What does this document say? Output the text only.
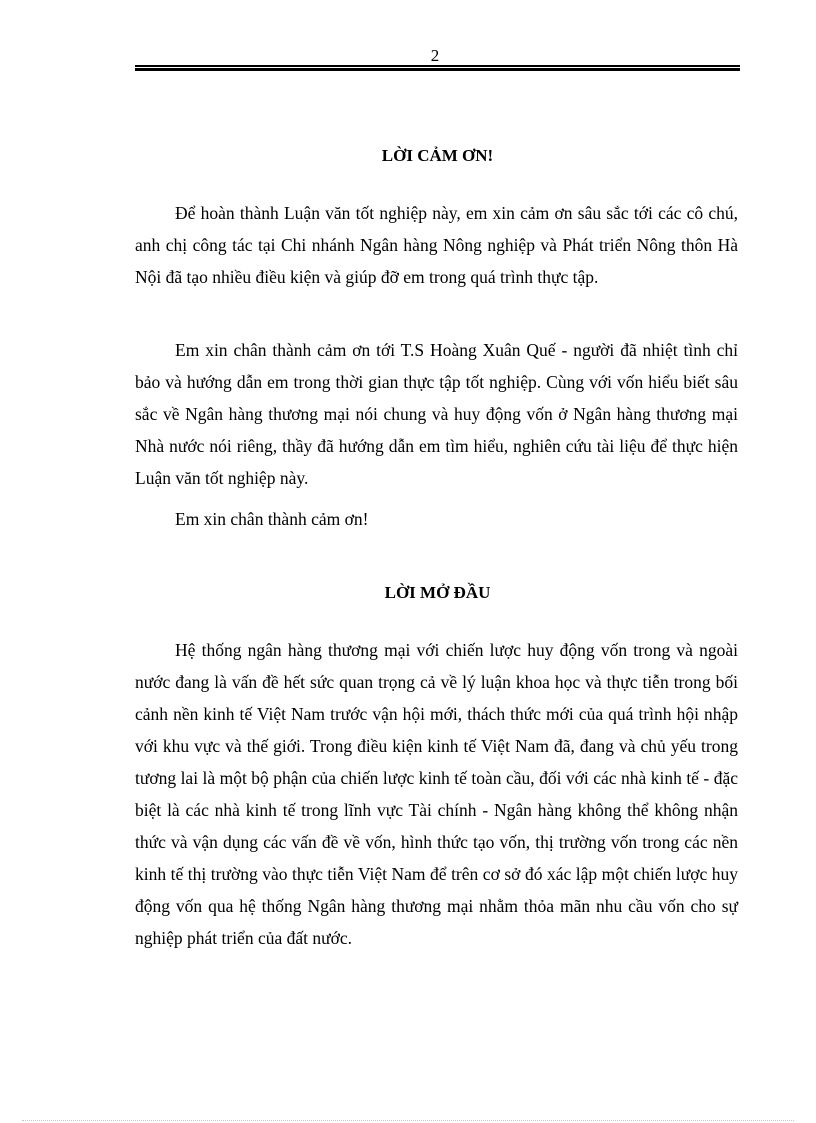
2
LỜI CẢM ƠN!

Để hoàn thành Luận văn tốt nghiệp này, em xin cảm ơn sâu sắc tới các cô chú, anh chị công tác tại Chi nhánh Ngân hàng Nông nghiệp và Phát triển Nông thôn Hà Nội đã tạo nhiều điều kiện và giúp đỡ em trong quá trình thực tập.

Em xin chân thành cảm ơn tới T.S Hoàng Xuân Quế - người đã nhiệt tình chỉ bảo và hướng dẫn em trong thời gian thực tập tốt nghiệp. Cùng với vốn hiểu biết sâu sắc về Ngân hàng thương mại nói chung và huy động vốn ở Ngân hàng thương mại Nhà nước nói riêng, thầy đã hướng dẫn em tìm hiểu, nghiên cứu tài liệu để thực hiện Luận văn tốt nghiệp này.

Em xin chân thành cảm ơn!

LỜI MỞ ĐẦU

Hệ thống ngân hàng thương mại với chiến lược huy động vốn trong và ngoài nước đang là vấn đề hết sức quan trọng cả về lý luận khoa học và thực tiễn trong bối cảnh nền kinh tế Việt Nam trước vận hội mới, thách thức mới của quá trình hội nhập với khu vực và thế giới. Trong điều kiện kinh tế Việt Nam đã, đang và chủ yếu trong tương lai là một bộ phận của chiến lược kinh tế toàn cầu, đối với các nhà kinh tế - đặc biệt là các nhà kinh tế trong lĩnh vực Tài chính - Ngân hàng không thể không nhận thức và vận dụng các vấn đề về vốn, hình thức tạo vốn, thị trường vốn trong các nền kinh tế thị trường vào thực tiễn Việt Nam để trên cơ sở đó xác lập một chiến lược huy động vốn qua hệ thống Ngân hàng thương mại nhằm thỏa mãn nhu cầu vốn cho sự nghiệp phát triển của đất nước.
